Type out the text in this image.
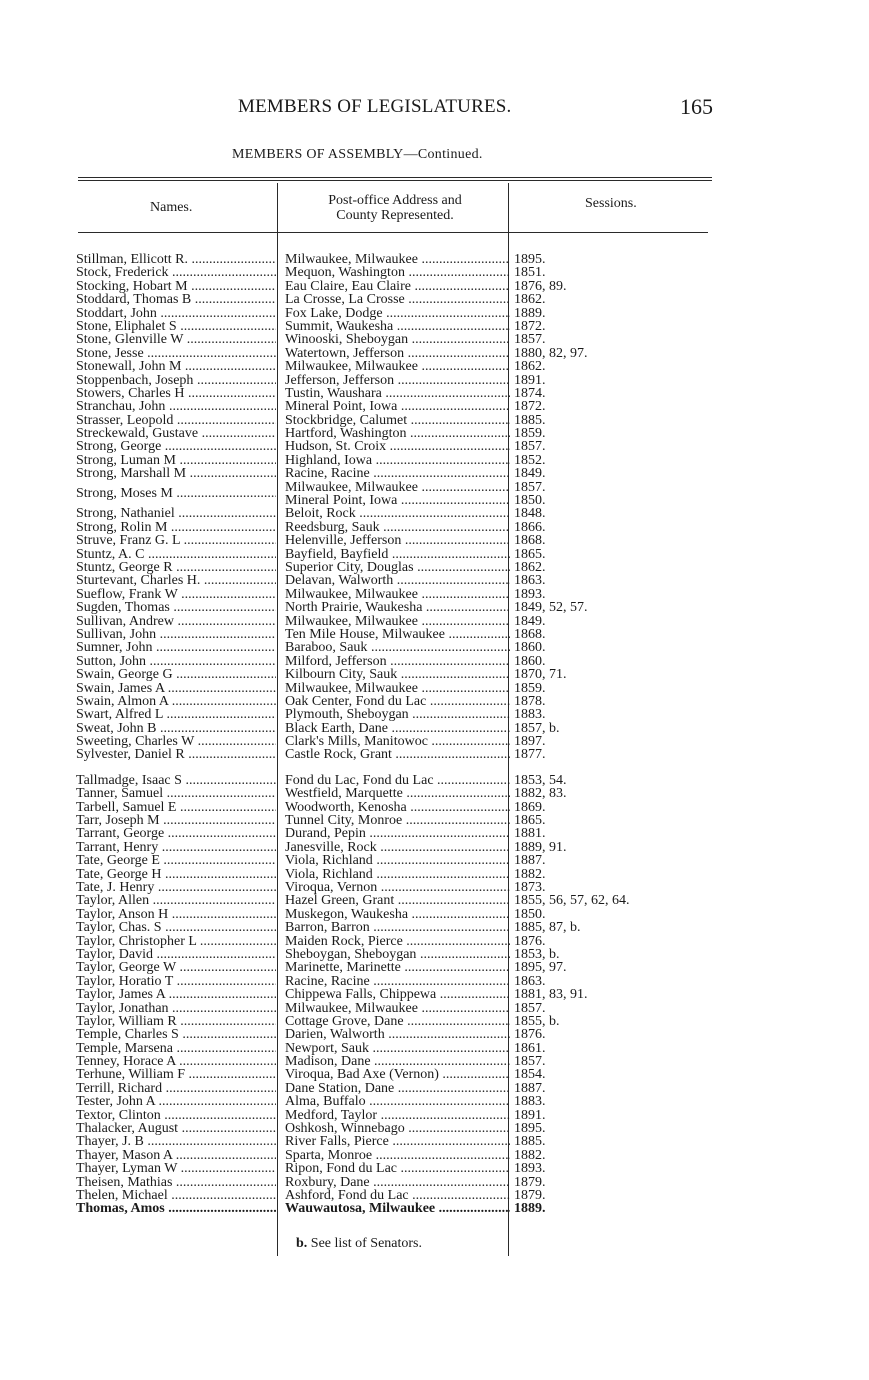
MEMBERS OF LEGISLATURES.	165
MEMBERS OF ASSEMBLY—Continued.
Names.	Post-office Address and
County Represented.
Sessions.
Stillman, Ellicott R. .....	Milwaukee, Milwaukee .....	1895.
Stock, Frederick .....	Mequon, Washington .....	1851.
Stocking, Hobart M .....	Eau Claire, Eau Claire .....	1876, 89.
Stoddard, Thomas B .....	La Crosse, La Crosse .....	1862.
Stoddart, John .....	Fox Lake, Dodge .....	1889.
Stone, Eliphalet S .....	Summit, Waukesha .....	1872.
Stone, Glenville W .....	Winooski, Sheboygan .....	1857.
Stone, Jesse .....	Watertown, Jefferson .....	1880, 82, 97.
Stonewall, John M .....	Milwaukee, Milwaukee .....	1862.
Stoppenbach, Joseph .....	Jefferson, Jefferson .....	1891.
Stowers, Charles H .....	Tustin, Waushara .....	1874.
Stranchau, John .....	Mineral Point, Iowa .....	1872.
Strasser, Leopold .....	Stockbridge, Calumet .....	1885.
Streckewald, Gustave .....	Hartford, Washington .....	1859.
Strong, George .....	Hudson, St. Croix .....	1857.
Strong, Luman M .....	Highland, Iowa .....	1852.
Strong, Marshall M .....	Racine, Racine .....	1849.
Strong, Moses M .....	Milwaukee, Milwaukee .....	1857.
Mineral Point, Iowa .....	1850.
Strong, Nathaniel .....	Beloit, Rock .....	1848.
Strong, Rolin M .....	Reedsburg, Sauk .....	1866.
Struve, Franz G. L .....	Helenville, Jefferson .....	1868.
Stuntz, A. C .....	Bayfield, Bayfield .....	1865.
Stuntz, George R .....	Superior City, Douglas .....	1862.
Sturtevant, Charles H. .....	Delavan, Walworth .....	1863.
Sueflow, Frank W .....	Milwaukee, Milwaukee .....	1893.
Sugden, Thomas .....	North Prairie, Waukesha .....	1849, 52, 57.
Sullivan, Andrew .....	Milwaukee, Milwaukee .....	1849.
Sullivan, John .....	Ten Mile House, Milwaukee .....	1868.
Sumner, John .....	Baraboo, Sauk .....	1860.
Sutton, John .....	Milford, Jefferson .....	1860.
Swain, George G .....	Kilbourn City, Sauk .....	1870, 71.
Swain, James A .....	Milwaukee, Milwaukee .....	1859.
Swain, Almon A .....	Oak Center, Fond du Lac .....	1878.
Swart, Alfred L .....	Plymouth, Sheboygan .....	1883.
Sweat, John B .....	Black Earth, Dane .....	1857, b.
Sweeting, Charles W .....	Clark's Mills, Manitowoc .....	1897.
Sylvester, Daniel R .....	Castle Rock, Grant .....	1877.
Tallmadge, Isaac S .....	Fond du Lac, Fond du Lac .....	1853, 54.
Tanner, Samuel .....	Westfield, Marquette .....	1882, 83.
Tarbell, Samuel E .....	Woodworth, Kenosha .....	1869.
Tarr, Joseph M .....	Tunnel City, Monroe .....	1865.
Tarrant, George .....	Durand, Pepin .....	1881.
Tarrant, Henry .....	Janesville, Rock .....	1889, 91.
Tate, George E .....	Viola, Richland .....	1887.
Tate, George H .....	Viola, Richland .....	1882.
Tate, J. Henry .....	Viroqua, Vernon .....	1873.
Taylor, Allen .....	Hazel Green, Grant .....	1855, 56, 57, 62, 64.
Taylor, Anson H .....	Muskegon, Waukesha .....	1850.
Taylor, Chas. S .....	Barron, Barron .....	1885, 87, b.
Taylor, Christopher L .....	Maiden Rock, Pierce .....	1876.
Taylor, David .....	Sheboygan, Sheboygan .....	1853, b.
Taylor, George W .....	Marinette, Marinette .....	1895, 97.
Taylor, Horatio T .....	Racine, Racine .....	1863.
Taylor, James A .....	Chippewa Falls, Chippewa .....	1881, 83, 91.
Taylor, Jonathan .....	Milwaukee, Milwaukee .....	1857.
Taylor, William R .....	Cottage Grove, Dane .....	1855, b.
Temple, Charles S .....	Darien, Walworth .....	1876.
Temple, Marsena .....	Newport, Sauk .....	1861.
Tenney, Horace A .....	Madison, Dane .....	1857.
Terhune, William F .....	Viroqua, Bad Axe (Vernon) .....	1854.
Terrill, Richard .....	Dane Station, Dane .....	1887.
Tester, John A .....	Alma, Buffalo .....	1883.
Textor, Clinton .....	Medford, Taylor .....	1891.
Thalacker, August .....	Oshkosh, Winnebago .....	1895.
Thayer, J. B .....	River Falls, Pierce .....	1885.
Thayer, Mason A .....	Sparta, Monroe .....	1882.
Thayer, Lyman W .....	Ripon, Fond du Lac .....	1893.
Theisen, Mathias .....	Roxbury, Dane .....	1879.
Thelen, Michael .....	Ashford, Fond du Lac .....	1879.
Thomas, Amos .....	Wauwautosa, Milwaukee .....	1889.
b. See list of Senators.
